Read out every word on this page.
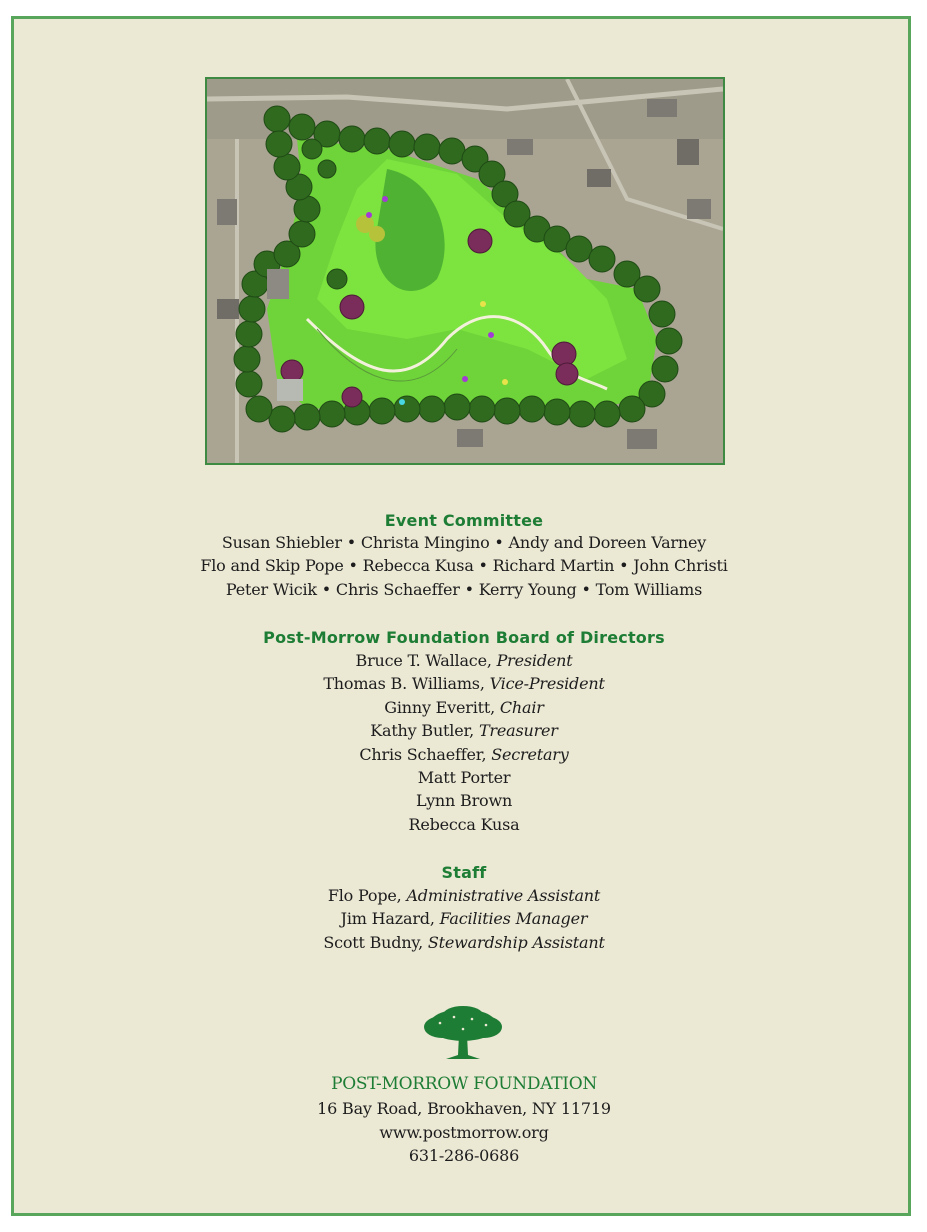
Event Committee
Susan Shiebler • Christa Mingino • Andy and Doreen Varney
Flo and Skip Pope • Rebecca Kusa • Richard Martin • John Christi
Peter Wicik • Chris Schaeffer • Kerry Young • Tom Williams
Post-Morrow Foundation Board of Directors
Bruce T. Wallace, President
Thomas B. Williams, Vice-President
Ginny Everitt, Chair
Kathy Butler, Treasurer
Chris Schaeffer, Secretary
Matt Porter
Lynn Brown
Rebecca Kusa
Staff
Flo Pope, Administrative Assistant
Jim Hazard, Facilities Manager
Scott Budny, Stewardship Assistant
POST-MORROW FOUNDATION
16 Bay Road, Brookhaven, NY 11719
www.postmorrow.org
631-286-0686
